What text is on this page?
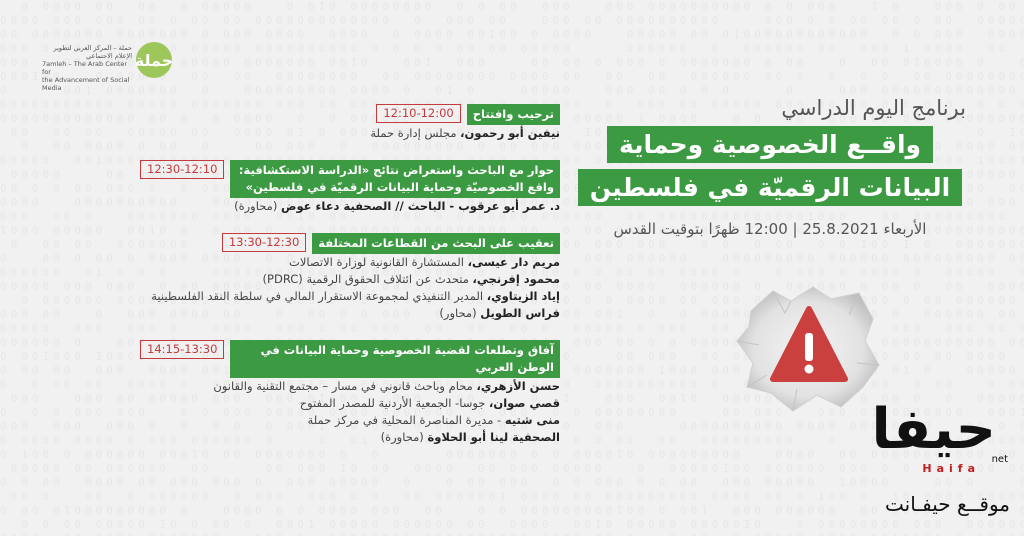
حملة
حملة – المركز العربي لتطوير الإعلام الاجتماعي
7amleh – The Arab Center for
the Advancement of Social Media
برنامج اليوم الدراسي
واقــع الخصوصية وحماية
البيانات الرقميّة في فلسطين
الأربعاء 25.8.2021 | 12:00 ظهرًا بتوقيت القدس
ترحيب وافتتاح
12:10-12:00
نيفين أبو رحمون، مجلس إدارة حملة
حوار مع الباحث واستعراض نتائج «الدراسة الاستكشافية: واقع الخصوصيّة وحماية البيانات الرقميّة في فلسطين»
12:30-12:10
د. عمر أبو عرقوب - الباحث // الصحفية دعاء عوض (محاورة)
تعقيب على البحث من القطاعات المختلفة
13:30-12:30
مريم دار عيسى، المستشارة القانونية لوزارة الاتصالات
محمود إفرنجي، متحدث عن ائتلاف الحقوق الرقمية (PDRC)
إياد الزيتاوي، المدير التنفيذي لمجموعة الاستقرار المالي في سلطة النقد الفلسطينية
فراس الطويل (محاور)
آفاق وتطلعات لقضية الخصوصية وحماية البيانات في الوطن العربي
14:15-13:30
حسن الأزهري، محام وباحث قانوني في مسار – مجتمع التقنية والقانون
قصي صوان، جوسا- الجمعية الأردنية للمصدر المفتوح
منى شتيه - مديرة المناصرة المحلية في مركز حملة
الصحفية لينا أبو الحلاوة (محاورة)	حيفا
net
Haifa
موقــع حيفـانت
